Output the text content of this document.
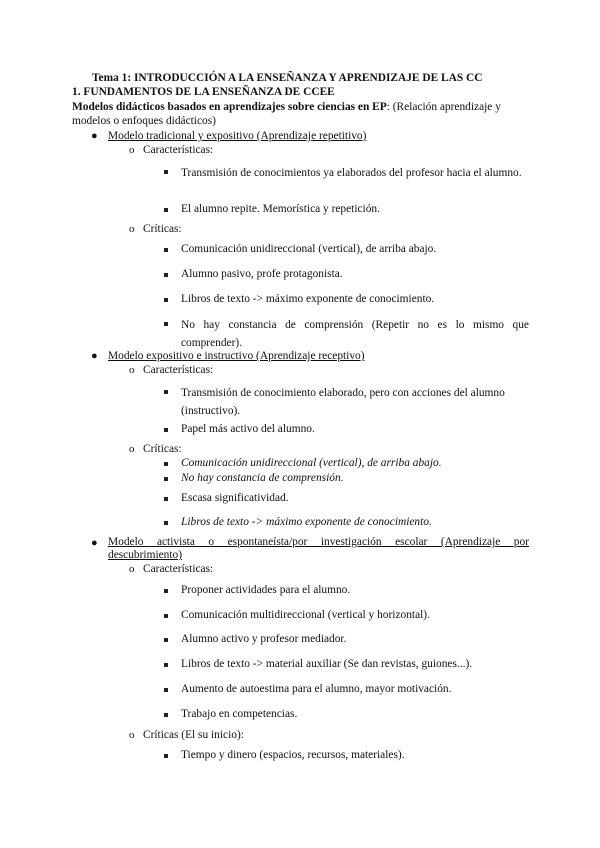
Tema 1: INTRODUCCIÓN A LA ENSEÑANZA Y APRENDIZAJE DE LAS CC
1. FUNDAMENTOS DE LA ENSEÑANZA DE CCEE
Modelos didácticos basados en aprendizajes sobre ciencias en EP: (Relación aprendizaje y modelos o enfoques didácticos)
● Modelo tradicional y expositivo (Aprendizaje repetitivo)
o Características:
Transmisión de conocimientos ya elaborados del profesor hacia el alumno.
El alumno repite. Memorística y repetición.
o Críticas:
Comunicación unidireccional (vertical), de arriba abajo.
Alumno pasivo, profe protagonista.
Libros de texto -> máximo exponente de conocimiento.
No hay constancia de comprensión (Repetir no es lo mismo que comprender).
● Modelo expositivo e instructivo (Aprendizaje receptivo)
o Características:
Transmisión de conocimiento elaborado, pero con acciones del alumno (instructivo).
Papel más activo del alumno.
o Críticas:
Comunicación unidireccional (vertical), de arriba abajo.
No hay constancia de comprensión.
Escasa significatividad.
Libros de texto -> máximo exponente de conocimiento.
● Modelo activista o espontaneísta/por investigación escolar (Aprendizaje por descubrimiento)
o Características:
Proponer actividades para el alumno.
Comunicación multidireccional (vertical y horizontal).
Alumno activo y profesor mediador.
Libros de texto -> material auxiliar (Se dan revistas, guiones...).
Aumento de autoestima para el alumno, mayor motivación.
Trabajo en competencias.
o Críticas (El su inicio):
Tiempo y dinero (espacios, recursos, materiales).
